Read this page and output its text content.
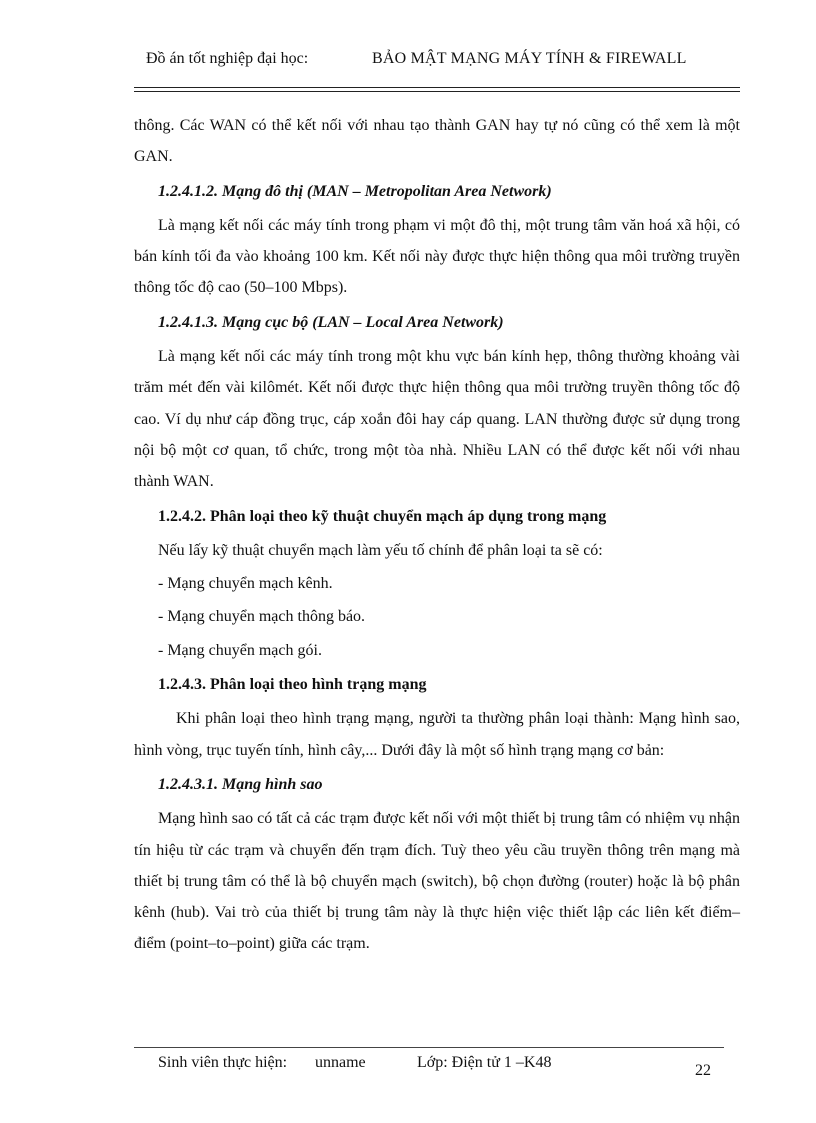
Đồ án tốt nghiệp đại học:	BẢO MẬT MẠNG MÁY TÍNH & FIREWALL

thông. Các WAN có thể kết nối với nhau tạo thành GAN hay tự nó cũng có thể xem là một GAN.

1.2.4.1.2. Mạng đô thị (MAN – Metropolitan Area Network)

Là mạng kết nối các máy tính trong phạm vi một đô thị, một trung tâm văn hoá xã hội, có bán kính tối đa vào khoảng 100 km. Kết nối này được thực hiện thông qua môi trường truyền thông tốc độ cao (50–100 Mbps).

1.2.4.1.3. Mạng cục bộ (LAN – Local Area Network)

Là mạng kết nối các máy tính trong một khu vực bán kính hẹp, thông thường khoảng vài trăm mét đến vài kilômét. Kết nối được thực hiện thông qua môi trường truyền thông tốc độ cao. Ví dụ như cáp đồng trục, cáp xoắn đôi hay cáp quang. LAN thường được sử dụng trong nội bộ một cơ quan, tổ chức, trong một tòa nhà. Nhiều LAN có thể được kết nối với nhau thành WAN.

1.2.4.2. Phân loại theo kỹ thuật chuyển mạch áp dụng trong mạng

Nếu lấy kỹ thuật chuyển mạch làm yếu tố chính để phân loại ta sẽ có:

- Mạng chuyển mạch kênh.

- Mạng chuyển mạch thông báo.

- Mạng chuyển mạch gói.

1.2.4.3. Phân loại theo hình trạng mạng

Khi phân loại theo hình trạng mạng, người ta thường phân loại thành: Mạng hình sao, hình vòng, trục tuyến tính, hình cây,... Dưới đây là một số hình trạng mạng cơ bản:

1.2.4.3.1. Mạng hình sao

Mạng hình sao có tất cả các trạm được kết nối với một thiết bị trung tâm có nhiệm vụ nhận tín hiệu từ các trạm và chuyển đến trạm đích. Tuỳ theo yêu cầu truyền thông trên mạng mà thiết bị trung tâm có thể là bộ chuyển mạch (switch), bộ chọn đường (router) hoặc là bộ phân kênh (hub). Vai trò của thiết bị trung tâm này là thực hiện việc thiết lập các liên kết điểm–điểm (point–to–point) giữa các trạm.

Sinh viên thực hiện: unname	Lớp: Điện tử 1 –K48	22
